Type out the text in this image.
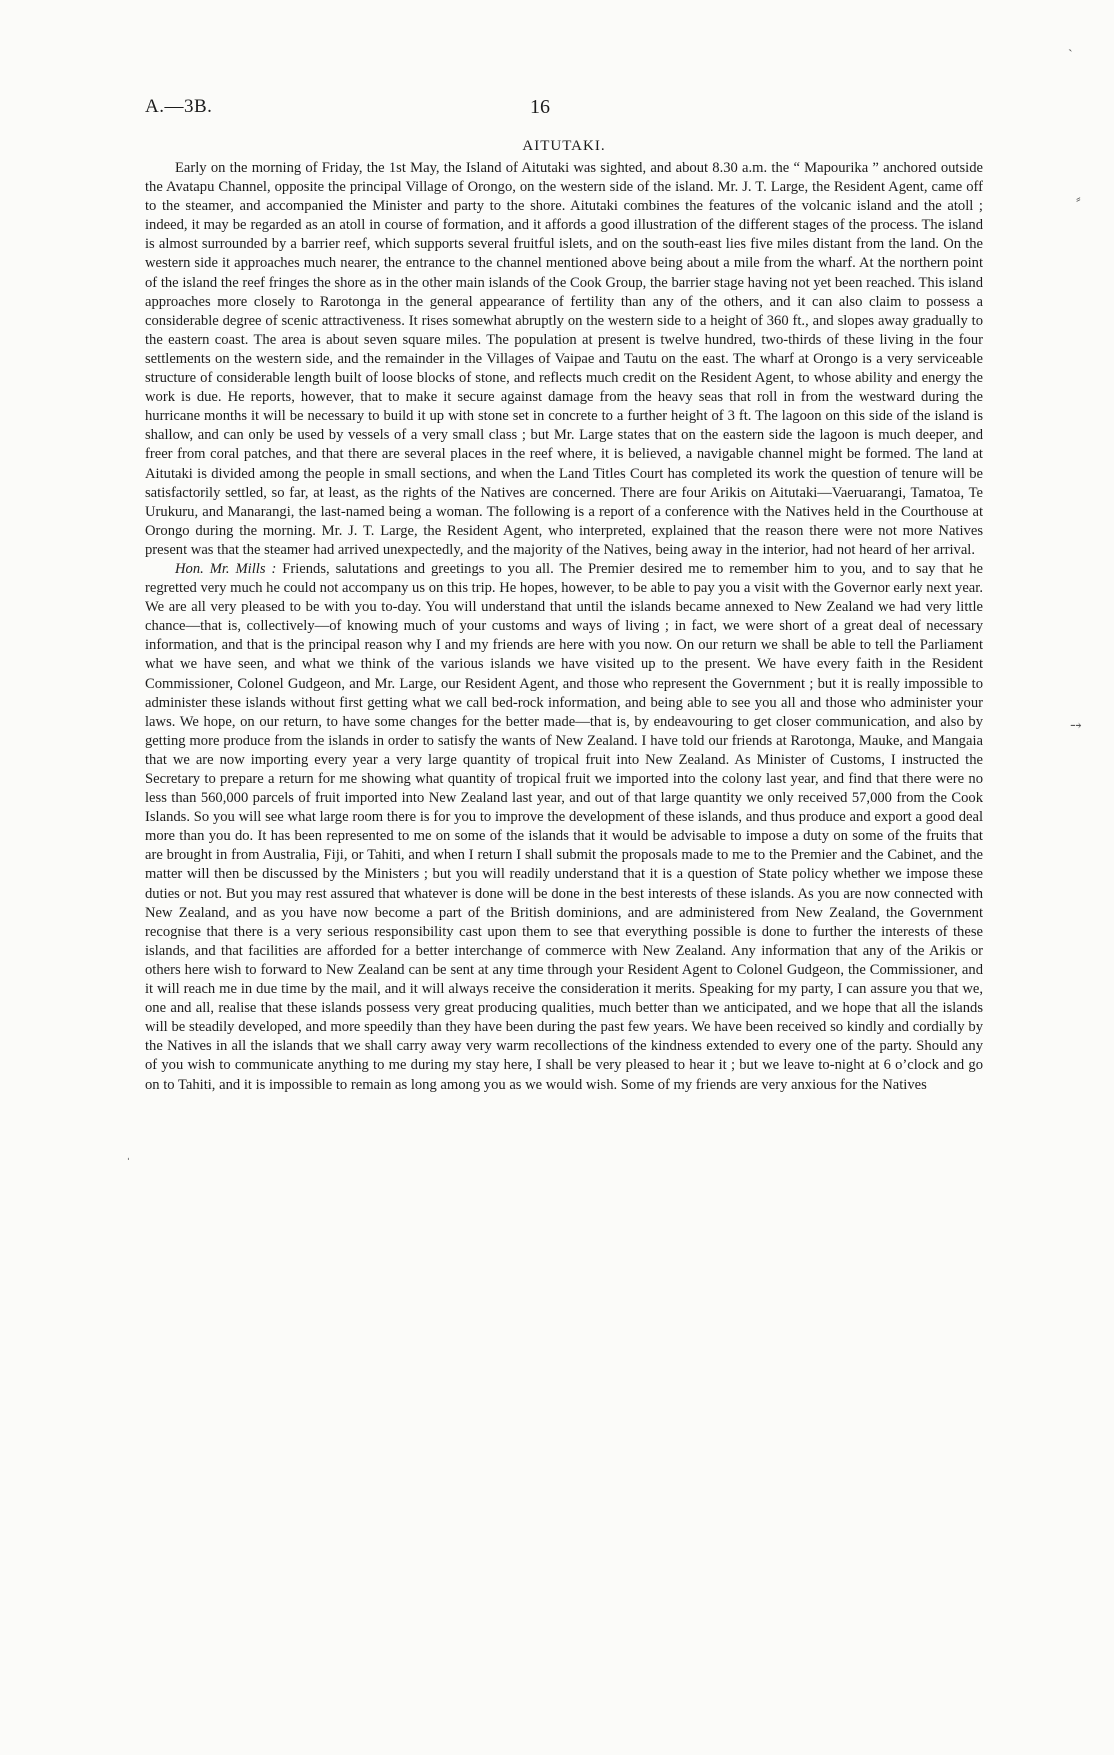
A.—3B.	16
AITUTAKI.

Early on the morning of Friday, the 1st May, the Island of Aitutaki was sighted, and about 8.30 a.m. the “ Mapourika ” anchored outside the Avatapu Channel, opposite the principal Village of Orongo, on the western side of the island. Mr. J. T. Large, the Resident Agent, came off to the steamer, and accompanied the Minister and party to the shore. Aitutaki combines the features of the volcanic island and the atoll ; indeed, it may be regarded as an atoll in course of formation, and it affords a good illustration of the different stages of the process. The island is almost surrounded by a barrier reef, which supports several fruitful islets, and on the south-east lies five miles distant from the land. On the western side it approaches much nearer, the entrance to the channel mentioned above being about a mile from the wharf. At the northern point of the island the reef fringes the shore as in the other main islands of the Cook Group, the barrier stage having not yet been reached. This island approaches more closely to Rarotonga in the general appearance of fertility than any of the others, and it can also claim to possess a considerable degree of scenic attractiveness. It rises somewhat abruptly on the western side to a height of 360 ft., and slopes away gradually to the eastern coast. The area is about seven square miles. The population at present is twelve hundred, two-thirds of these living in the four settlements on the western side, and the remainder in the Villages of Vaipae and Tautu on the east. The wharf at Orongo is a very serviceable structure of considerable length built of loose blocks of stone, and reflects much credit on the Resident Agent, to whose ability and energy the work is due. He reports, however, that to make it secure against damage from the heavy seas that roll in from the westward during the hurricane months it will be necessary to build it up with stone set in concrete to a further height of 3 ft. The lagoon on this side of the island is shallow, and can only be used by vessels of a very small class ; but Mr. Large states that on the eastern side the lagoon is much deeper, and freer from coral patches, and that there are several places in the reef where, it is believed, a navigable channel might be formed. The land at Aitutaki is divided among the people in small sections, and when the Land Titles Court has completed its work the question of tenure will be satisfactorily settled, so far, at least, as the rights of the Natives are concerned. There are four Arikis on Aitutaki—Vaeruarangi, Tamatoa, Te Urukuru, and Manarangi, the last-named being a woman. The following is a report of a conference with the Natives held in the Courthouse at Orongo during the morning. Mr. J. T. Large, the Resident Agent, who interpreted, explained that the reason there were not more Natives present was that the steamer had arrived unexpectedly, and the majority of the Natives, being away in the interior, had not heard of her arrival.

Hon. Mr. Mills : Friends, salutations and greetings to you all. The Premier desired me to remember him to you, and to say that he regretted very much he could not accompany us on this trip. He hopes, however, to be able to pay you a visit with the Governor early next year. We are all very pleased to be with you to-day. You will understand that until the islands became annexed to New Zealand we had very little chance—that is, collectively—of knowing much of your customs and ways of living ; in fact, we were short of a great deal of necessary information, and that is the principal reason why I and my friends are here with you now. On our return we shall be able to tell the Parliament what we have seen, and what we think of the various islands we have visited up to the present. We have every faith in the Resident Commissioner, Colonel Gudgeon, and Mr. Large, our Resident Agent, and those who represent the Government ; but it is really impossible to administer these islands without first getting what we call bed-rock information, and being able to see you all and those who administer your laws. We hope, on our return, to have some changes for the better made—that is, by endeavouring to get closer communication, and also by getting more produce from the islands in order to satisfy the wants of New Zealand. I have told our friends at Rarotonga, Mauke, and Mangaia that we are now importing every year a very large quantity of tropical fruit into New Zealand. As Minister of Customs, I instructed the Secretary to prepare a return for me showing what quantity of tropical fruit we imported into the colony last year, and find that there were no less than 560,000 parcels of fruit imported into New Zealand last year, and out of that large quantity we only received 57,000 from the Cook Islands. So you will see what large room there is for you to improve the development of these islands, and thus produce and export a good deal more than you do. It has been represented to me on some of the islands that it would be advisable to impose a duty on some of the fruits that are brought in from Australia, Fiji, or Tahiti, and when I return I shall submit the proposals made to me to the Premier and the Cabinet, and the matter will then be discussed by the Ministers ; but you will readily understand that it is a question of State policy whether we impose these duties or not. But you may rest assured that whatever is done will be done in the best interests of these islands. As you are now connected with New Zealand, and as you have now become a part of the British dominions, and are administered from New Zealand, the Government recognise that there is a very serious responsibility cast upon them to see that everything possible is done to further the interests of these islands, and that facilities are afforded for a better interchange of commerce with New Zealand. Any information that any of the Arikis or others here wish to forward to New Zealand can be sent at any time through your Resident Agent to Colonel Gudgeon, the Commissioner, and it will reach me in due time by the mail, and it will always receive the consideration it merits. Speaking for my party, I can assure you that we, one and all, realise that these islands possess very great producing qualities, much better than we anticipated, and we hope that all the islands will be steadily developed, and more speedily than they have been during the past few years. We have been received so kindly and cordially by the Natives in all the islands that we shall carry away very warm recollections of the kindness extended to every one of the party. Should any of you wish to communicate anything to me during my stay here, I shall be very pleased to hear it ; but we leave to-night at 6 o’clock and go on to Tahiti, and it is impossible to remain as long among you as we would wish. Some of my friends are very anxious for the Natives

ˋ
⸗
⤍
ˌ
